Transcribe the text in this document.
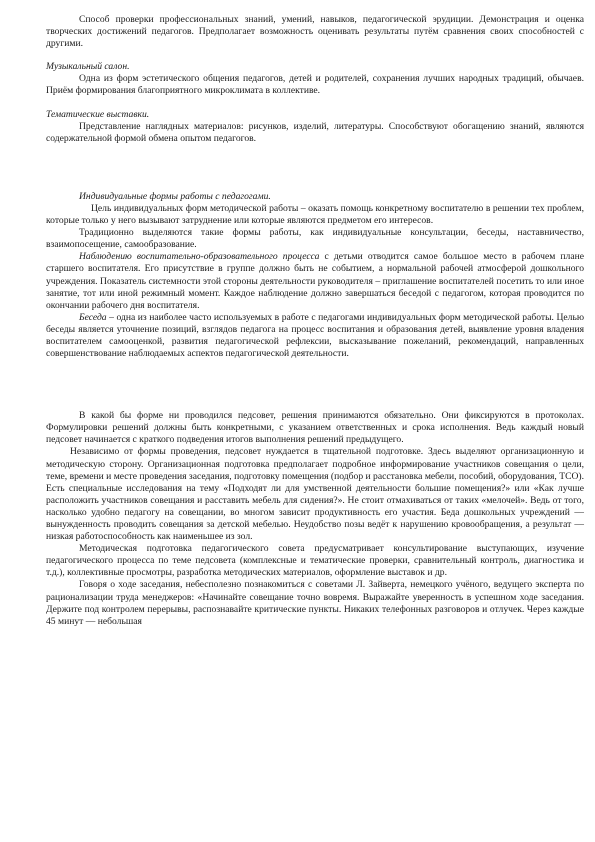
Способ проверки профессиональных знаний, умений, навыков, педагогической эрудиции. Демонстрация и оценка творческих достижений педагогов. Предполагает возможность оценивать результаты путём сравнения своих способностей с другими.

Музыкальный салон.

Одна из форм эстетического общения педагогов, детей и родителей, сохранения лучших народных традиций, обычаев. Приём формирования благоприятного микроклимата в коллективе.

Тематические выставки.

Представление наглядных материалов: рисунков, изделий, литературы. Способствуют обогащению знаний, являются содержательной формой обмена опытом педагогов.

Индивидуальные формы работы с педагогами.

Цель индивидуальных форм методической работы – оказать помощь конкретному воспитателю в решении тех проблем, которые только у него вызывают затруднение или которые являются предметом его интересов.

Традиционно выделяются такие формы работы, как индивидуальные консультации, беседы, наставничество, взаимопосещение, самообразование.

Наблюдению воспитательно-образовательного процесса с детьми отводится самое большое место в рабочем плане старшего воспитателя. Его присутствие в группе должно быть не событием, а нормальной рабочей атмосферой дошкольного учреждения. Показатель системности этой стороны деятельности руководителя – приглашение воспитателей посетить то или иное занятие, тот или иной режимный момент. Каждое наблюдение должно завершаться беседой с педагогом, которая проводится по окончании рабочего дня воспитателя.

Беседа – одна из наиболее часто используемых в работе с педагогами индивидуальных форм методической работы. Целью беседы является уточнение позиций, взглядов педагога на процесс воспитания и образования детей, выявление уровня владения воспитателем самооценкой, развития педагогической рефлексии, высказывание пожеланий, рекомендаций, направленных совершенствование наблюдаемых аспектов педагогической деятельности.

В какой бы форме ни проводился педсовет, решения принимаются обязательно. Они фиксируются в протоколах. Формулировки решений должны быть конкретными, с указанием ответственных и срока исполнения. Ведь каждый новый педсовет начинается с краткого подведения итогов выполнения решений предыдущего.

Независимо от формы проведения, педсовет нуждается в тщательной подготовке. Здесь выделяют организационную и методическую сторону. Организационная подготовка предполагает подробное информирование участников совещания о цели, теме, времени и месте проведения заседания, подготовку помещения (подбор и расстановка мебели, пособий, оборудования, ТСО). Есть специальные исследования на тему «Подходят ли для умственной деятельности большие помещения?» или «Как лучше расположить участников совещания и расставить мебель для сидения?». Не стоит отмахиваться от таких «мелочей». Ведь от того, насколько удобно педагогу на совещании, во многом зависит продуктивность его участия. Беда дошкольных учреждений — вынужденность проводить совещания за детской мебелью. Неудобство позы ведёт к нарушению кровообращения, а результат — низкая работоспособность как наименьшее из зол.

Методическая подготовка педагогического совета предусматривает консультирование выступающих, изучение педагогического процесса по теме педсовета (комплексные и тематические проверки, сравнительный контроль, диагностика и т.д.), коллективные просмотры, разработка методических материалов, оформление выставок и др.

Говоря о ходе заседания, небесполезно познакомиться с советами Л. Зайверта, немецкого учёного, ведущего эксперта по рационализации труда менеджеров: «Начинайте совещание точно вовремя. Выражайте уверенность в успешном ходе заседания. Держите под контролем перерывы, распознавайте критические пункты. Никаких телефонных разговоров и отлучек. Через каждые 45 минут — небольшая
